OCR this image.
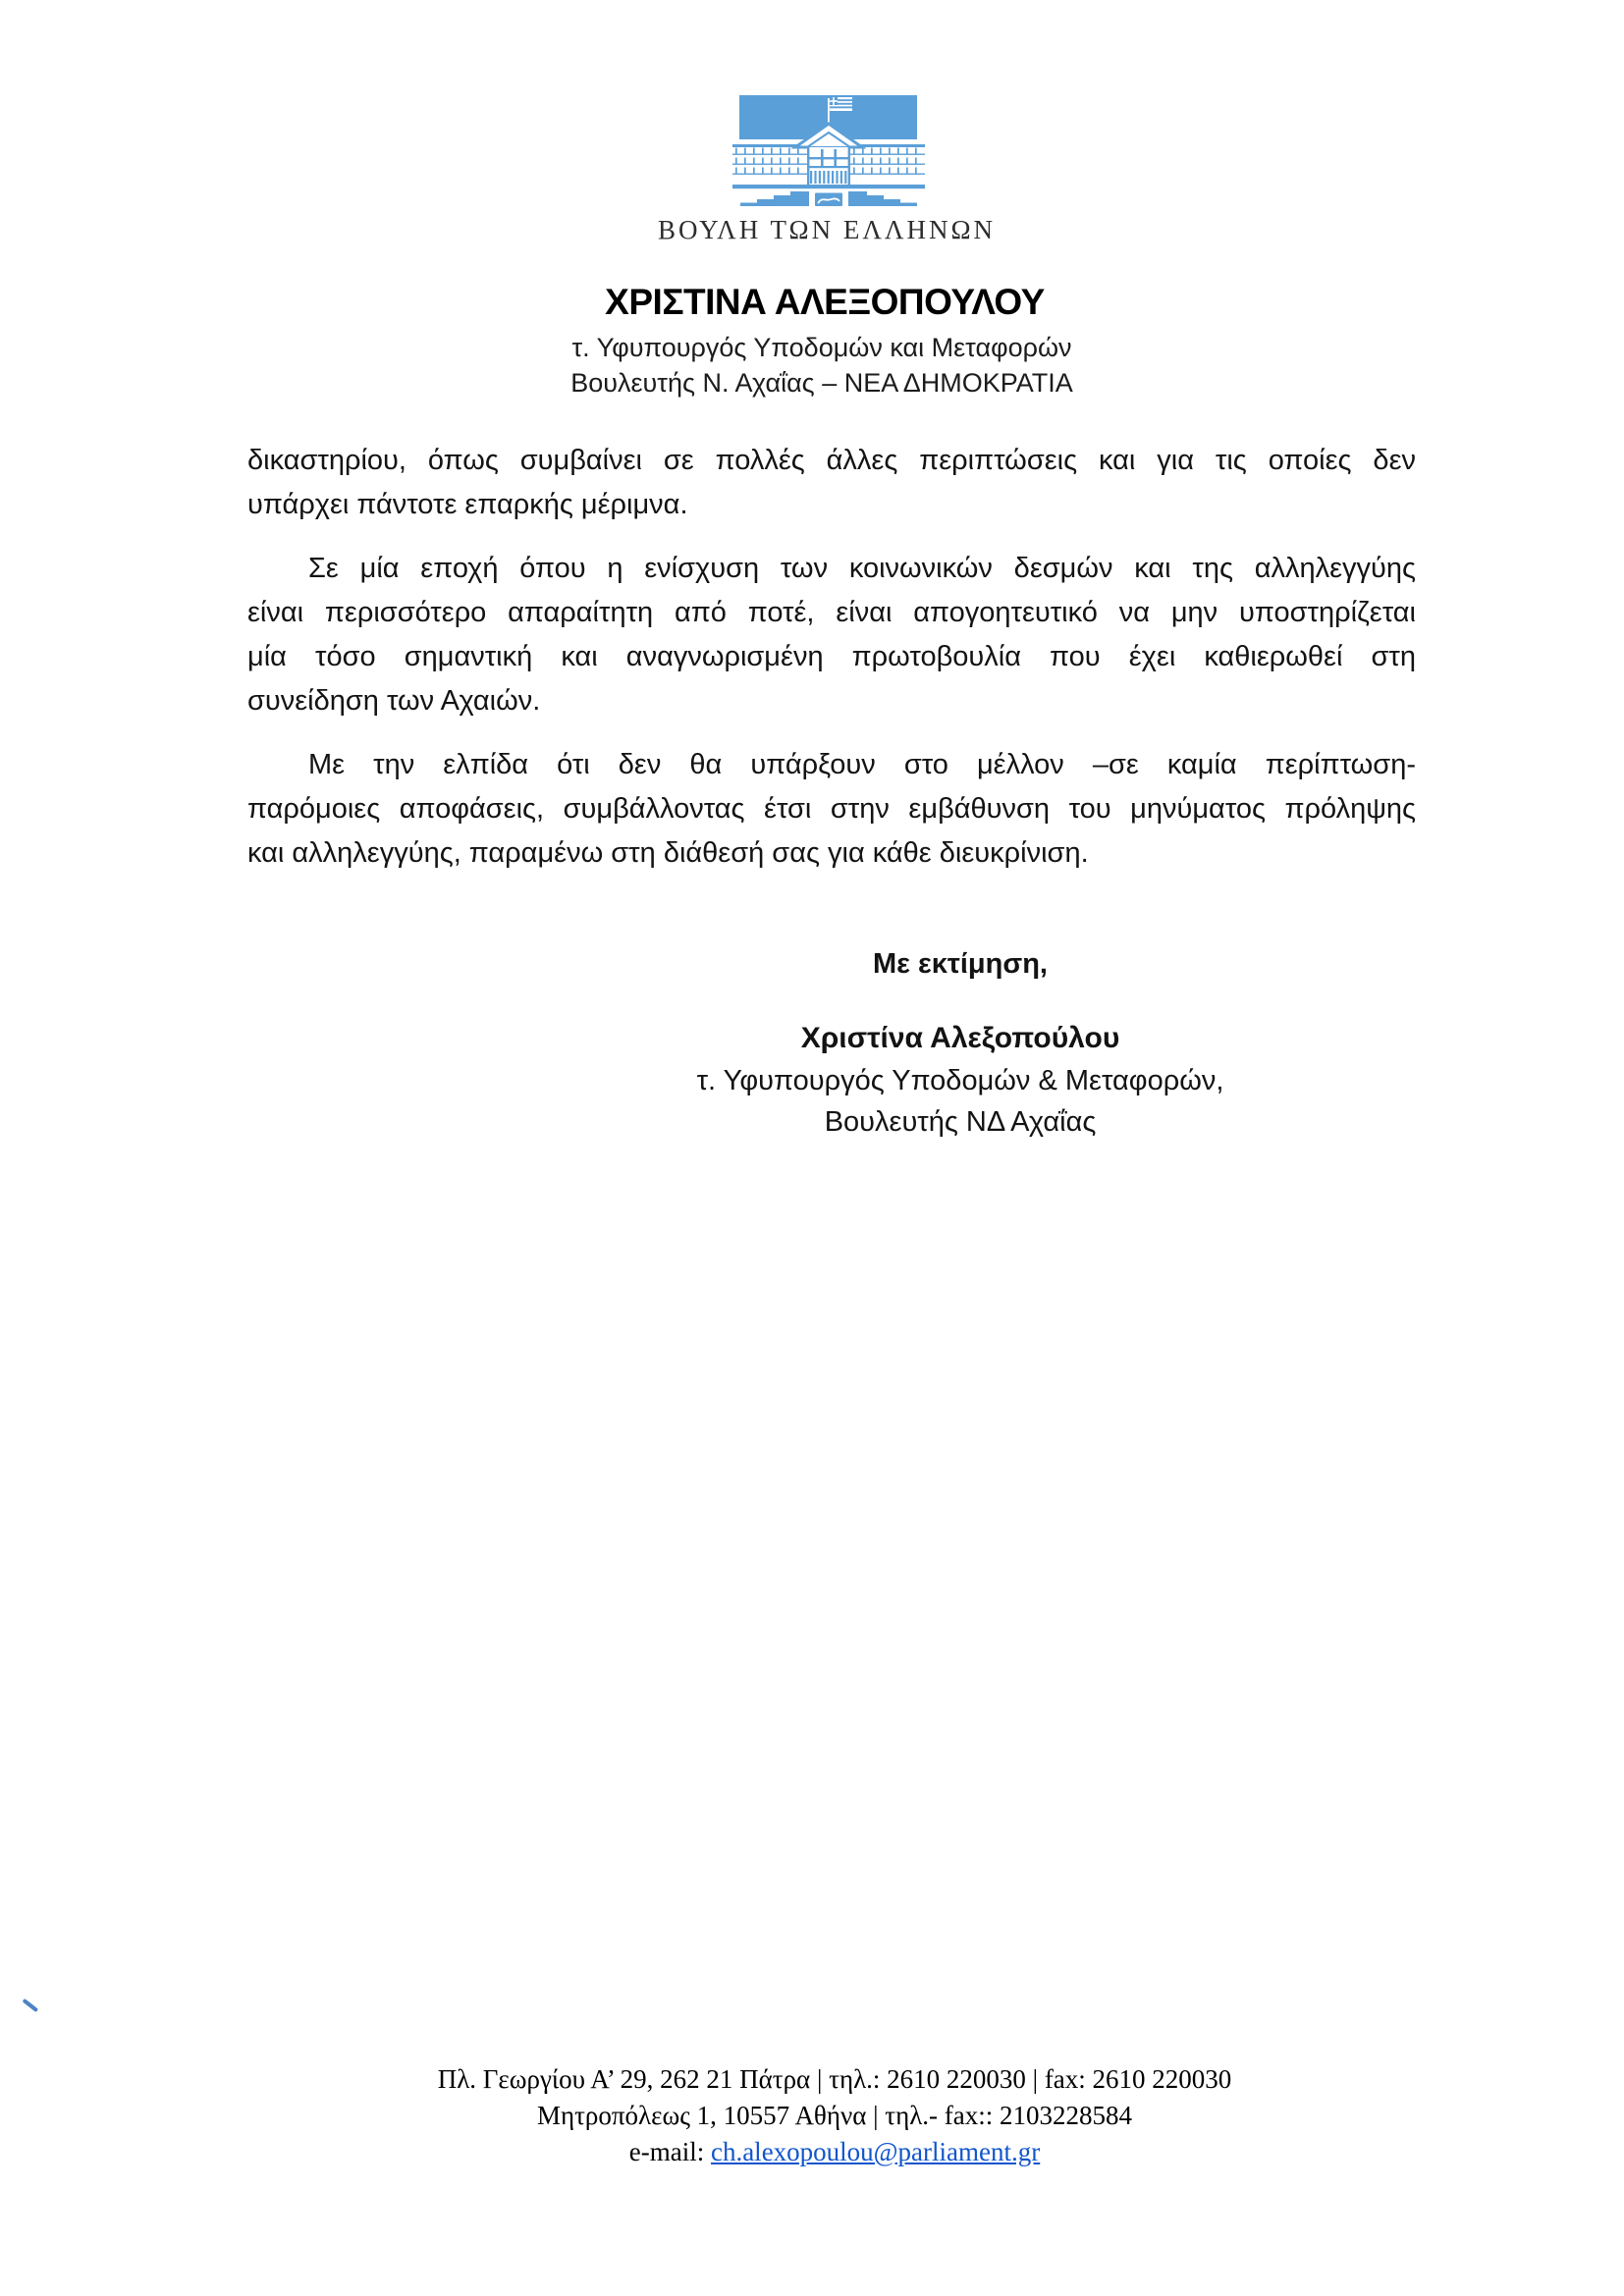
ΒΟΥΛΗ ΤΩΝ ΕΛΛΗΝΩΝ
ΧΡΙΣΤΙΝΑ ΑΛΕΞΟΠΟΥΛΟΥ
τ. Υφυπουργός Υποδομών και Μεταφορών
Βουλευτής Ν. Αχαΐας – ΝΕΑ ΔΗΜΟΚΡΑΤΙΑ
δικαστηρίου, όπως συμβαίνει σε πολλές άλλες περιπτώσεις και για τις οποίες δεν
υπάρχει πάντοτε επαρκής μέριμνα.
Σε μία εποχή όπου η ενίσχυση των κοινωνικών δεσμών και της αλληλεγγύης
είναι περισσότερο απαραίτητη από ποτέ, είναι απογοητευτικό να μην υποστηρίζεται
μία τόσο σημαντική και αναγνωρισμένη πρωτοβουλία που έχει καθιερωθεί στη
συνείδηση των Αχαιών.
Με την ελπίδα ότι δεν θα υπάρξουν στο μέλλον –σε καμία περίπτωση-
παρόμοιες αποφάσεις, συμβάλλοντας έτσι στην εμβάθυνση του μηνύματος πρόληψης
και αλληλεγγύης, παραμένω στη διάθεσή σας για κάθε διευκρίνιση.
Με εκτίμηση,
Χριστίνα Αλεξοπούλου
τ. Υφυπουργός Υποδομών & Μεταφορών,
Βουλευτής ΝΔ Αχαΐας
Πλ. Γεωργίου Α’ 29, 262 21 Πάτρα | τηλ.: 2610 220030 | fax: 2610 220030
Μητροπόλεως 1, 10557 Αθήνα | τηλ.- fax:: 2103228584
e-mail: ch.alexopoulou@parliament.gr
